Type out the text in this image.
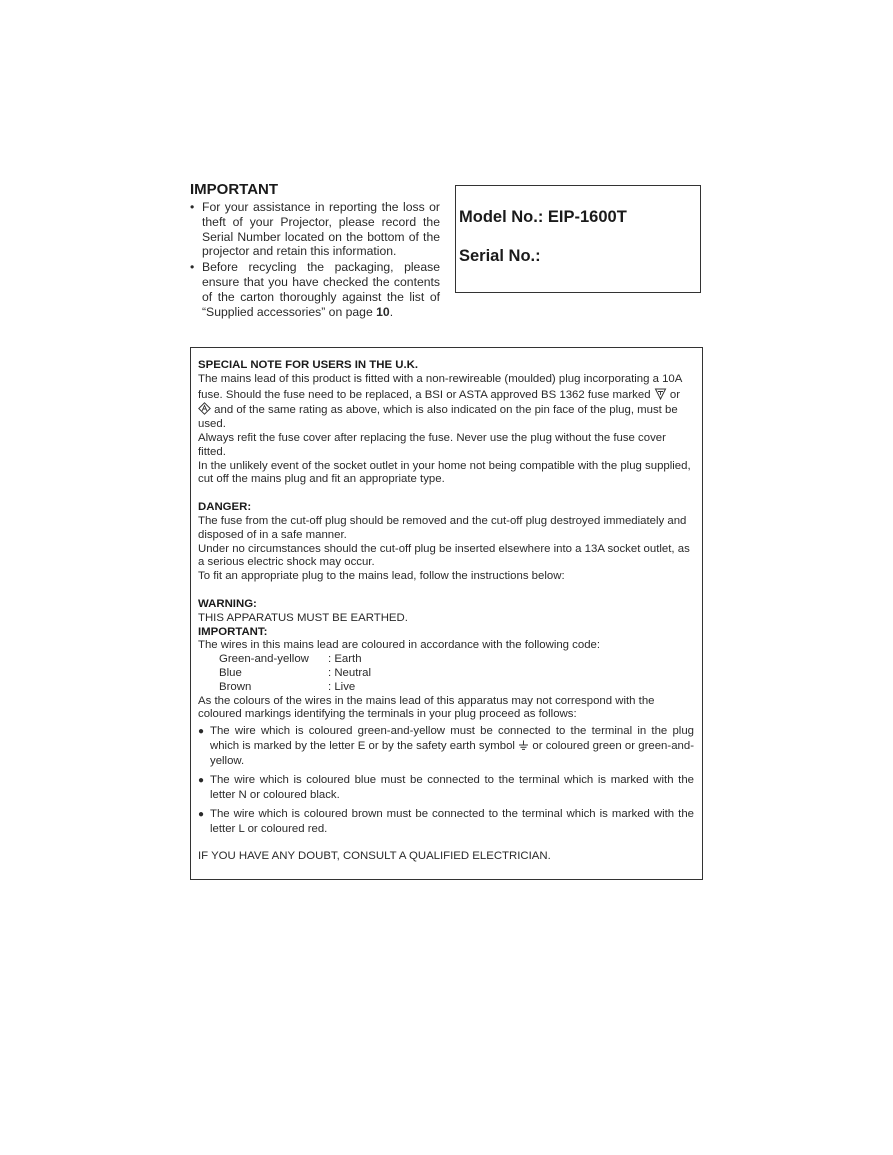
IMPORTANT
• For your assistance in reporting the loss or theft of your Projector, please record the Serial Number located on the bottom of the projector and retain this information.
• Before recycling the packaging, please ensure that you have checked the contents of the carton thoroughly against the list of “Supplied accessories” on page 10.
Model No.: EIP-1600T
Serial No.:

SPECIAL NOTE FOR USERS IN THE U.K.

The mains lead of this product is fitted with a non-rewireable (moulded) plug incorporating a 10A fuse. Should the fuse need to be replaced, a BSI or ASTA approved BS 1362 fuse marked or  and of the same rating as above, which is also indicated on the pin face of the plug, must be used.

Always refit the fuse cover after replacing the fuse. Never use the plug without the fuse cover fitted.

In the unlikely event of the socket outlet in your home not being compatible with the plug supplied, cut off the mains plug and fit an appropriate type.

DANGER:

The fuse from the cut-off plug should be removed and the cut-off plug destroyed immediately and disposed of in a safe manner.

Under no circumstances should the cut-off plug be inserted elsewhere into a 13A socket outlet, as a serious electric shock may occur.

To fit an appropriate plug to the mains lead, follow the instructions below:

WARNING:

THIS APPARATUS MUST BE EARTHED.

IMPORTANT:

The wires in this mains lead are coloured in accordance with the following code:

Green-and-yellow	: Earth
Blue	: Neutral
Brown	: Live

As the colours of the wires in the mains lead of this apparatus may not correspond with the coloured markings identifying the terminals in your plug proceed as follows:

● The wire which is coloured green-and-yellow must be connected to the terminal in the plug which is marked by the letter E or by the safety earth symbol or coloured green or green-and-yellow.
● The wire which is coloured blue must be connected to the terminal which is marked with the letter N or coloured black.
● The wire which is coloured brown must be connected to the terminal which is marked with the letter L or coloured red.

IF YOU HAVE ANY DOUBT, CONSULT A QUALIFIED ELECTRICIAN.
